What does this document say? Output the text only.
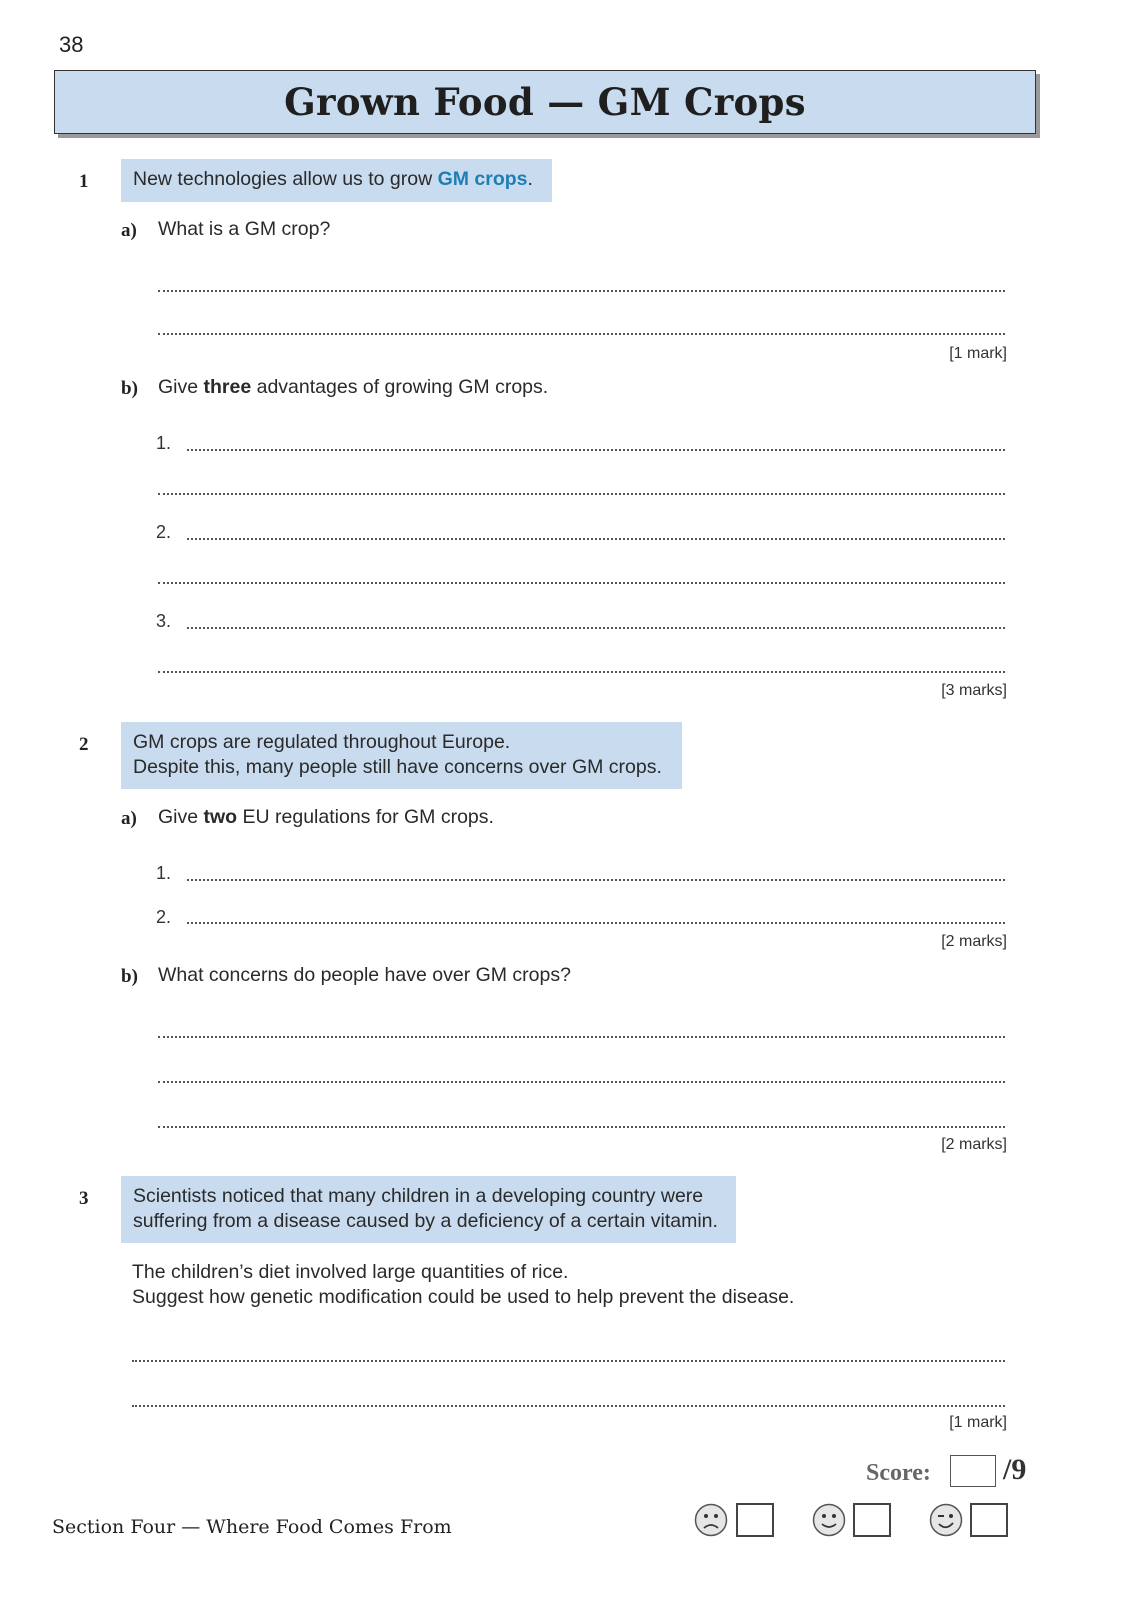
38
Grown Food — GM Crops
1	New technologies allow us to grow GM crops.
a) What is a GM crop?
[1 mark]
b) Give three advantages of growing GM crops.
1.
2.
3.
[3 marks]
2 GM crops are regulated throughout Europe.
Despite this, many people still have concerns over GM crops.
a) Give two EU regulations for GM crops.
1.
2.
[2 marks]
b) What concerns do people have over GM crops?
[2 marks]
3 Scientists noticed that many children in a developing country were
suffering from a disease caused by a deficiency of a certain vitamin.
The children’s diet involved large quantities of rice.
Suggest how genetic modification could be used to help prevent the disease.
[1 mark]
Score: /9
Section Four — Where Food Comes From
